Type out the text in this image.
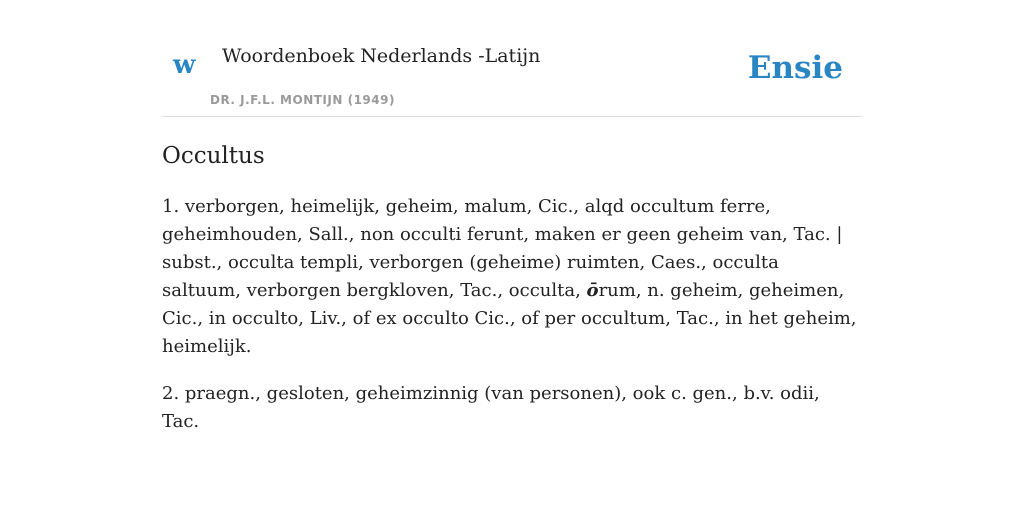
w Woordenboek Nederlands -Latijn
DR. J.F.L. MONTIJN (1949)
Ensie
Occultus

1. verborgen, heimelijk, geheim, malum, Cic., alqd occultum ferre, geheimhouden, Sall., non occulti ferunt, maken er geen geheim van, Tac. | subst., occulta templi, verborgen (geheime) ruimten, Caes., occulta saltuum, verborgen bergkloven, Tac., occulta, ōrum, n. geheim, geheimen, Cic., in occulto, Liv., of ex occulto Cic., of per occultum, Tac., in het geheim, heimelijk.

2. praegn., gesloten, geheimzinnig (van personen), ook c. gen., b.v. odii, Tac.
